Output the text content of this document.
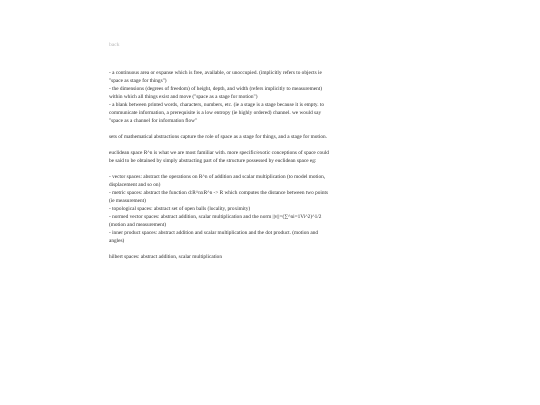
back
- a continuous area or expanse which is free, available, or unoccupied. (implicitly refers to objects ie
"space as stage for things")
- the dimensions (degrees of freedom) of height, depth, and width (refers implicitly to measurement)
within which all things exist and move ("space as a stage for motion")
- a blank between printed words, characters, numbers, etc. (ie a stage is a stage because it is empty. to
communicate information, a prerequisite is a low entropy (ie highly ordered) channel. we would say
"space as a channel for information flow"
sets of mathematical abstractions capture the role of space as a stage for things, and a stage for motion.
euclidean space R^n is what we are most familiar with. more specific/exotic conceptions of space could
be said to be obtained by simply abstracting part of the structure possessed by euclidean space eg:
- vector spaces: abstract the operations on R^n of addition and scalar multiplication (to model motion,
displacement and so on)
- metric spaces: abstract the function d:R^nxR^n -> R which computes the distance between two points
(ie measurement)
- topological spaces: abstract set of open balls (locality, proximity)
- normed vector spaces: abstract addition, scalar multiplication and the norm ||v||=(∑^ni=1Vi^2)^1/2
(motion and measurement)
- inner product spaces: abstract addition and scalar multiplication and the dot product. (motion and
angles)
hilbert spaces: abstract addition, scalar multiplication
